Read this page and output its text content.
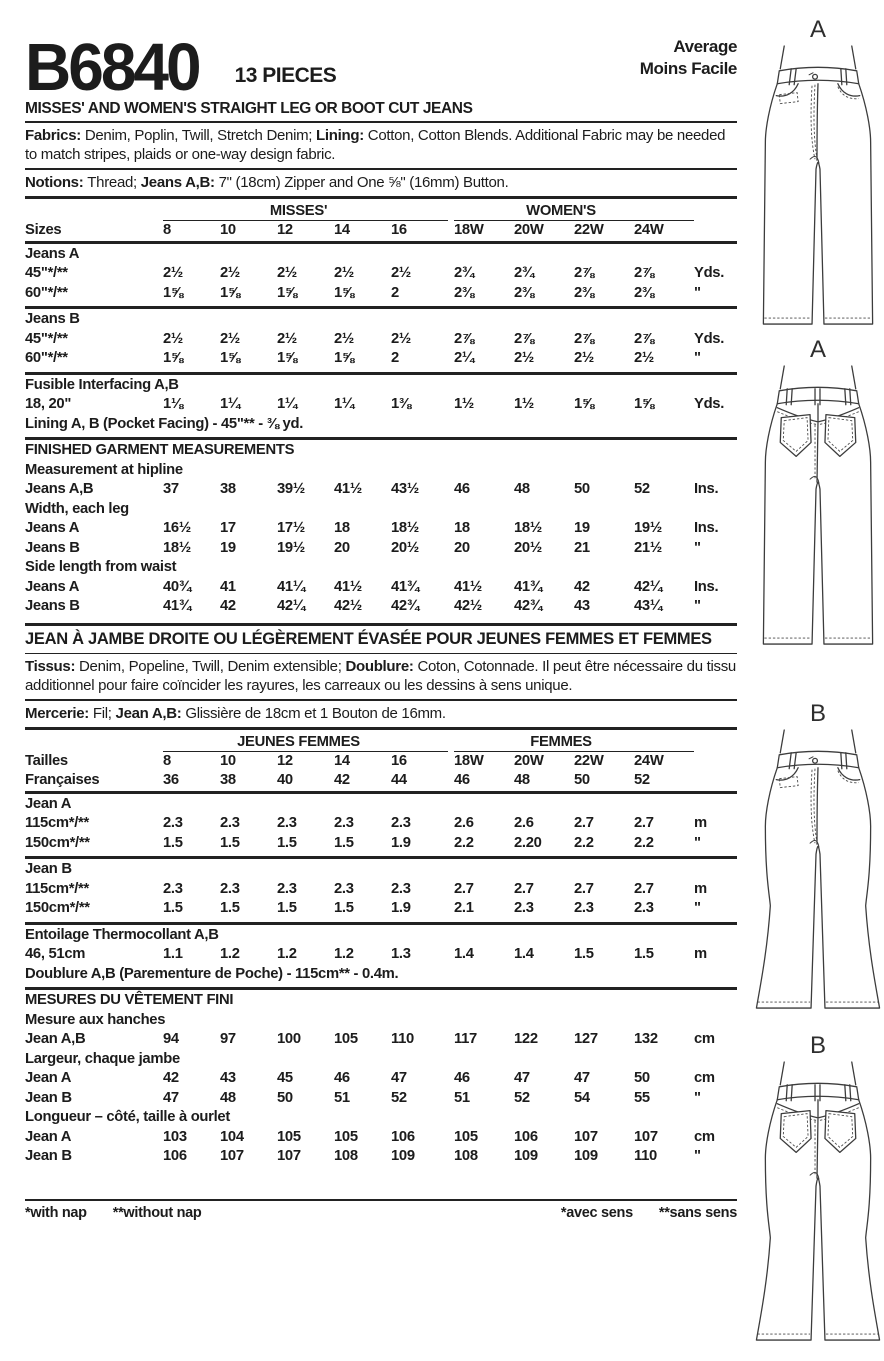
B6840 13 PIECES
Average
Moins Facile
MISSES' AND WOMEN'S STRAIGHT LEG OR BOOT CUT JEANS
Fabrics: Denim, Poplin, Twill, Stretch Denim; Lining: Cotton, Cotton Blends. Additional Fabric may be needed to match stripes, plaids or one-way design fabric.
Notions: Thread; Jeans A,B: 7" (18cm) Zipper and One ⅝" (16mm) Button.
MISSES'	WOMEN'S
Sizes	8	10	12	14	16	18W	20W	22W	24W
Jeans A
45"*/**	2½	2½	2½	2½	2½	2¾	2¾	2⅞	2⅞	Yds.
60"*/**	1⅝	1⅝	1⅝	1⅝	2	2⅜	2⅜	2⅜	2⅜	"
Jeans B
45"*/**	2½	2½	2½	2½	2½	2⅞	2⅞	2⅞	2⅞	Yds.
60"*/**	1⅝	1⅝	1⅝	1⅝	2	2¼	2½	2½	2½	"
Fusible Interfacing A,B
18, 20"	1⅛	1¼	1¼	1¼	1⅜	1½	1½	1⅝	1⅝	Yds.
Lining A, B (Pocket Facing) - 45"** - ⅜ yd.
FINISHED GARMENT MEASUREMENTS
Measurement at hipline
Jeans A,B	37	38	39½	41½	43½	46	48	50	52	Ins.
Width, each leg
Jeans A	16½	17	17½	18	18½	18	18½	19	19½	Ins.
Jeans B	18½	19	19½	20	20½	20	20½	21	21½	"
Side length from waist
Jeans A	40¾	41	41¼	41½	41¾	41½	41¾	42	42¼	Ins.
Jeans B	41¾	42	42¼	42½	42¾	42½	42¾	43	43¼	"
JEAN À JAMBE DROITE OU LÉGÈREMENT ÉVASÉE POUR JEUNES FEMMES ET FEMMES
Tissus: Denim, Popeline, Twill, Denim extensible; Doublure: Coton, Cotonnade. Il peut être nécessaire du tissu additionnel pour faire coïncider les rayures, les carreaux ou les dessins à sens unique.
Mercerie: Fil; Jean A,B: Glissière de 18cm et 1 Bouton de 16mm.
JEUNES FEMMES	FEMMES
Tailles	8	10	12	14	16	18W	20W	22W	24W
Françaises	36	38	40	42	44	46	48	50	52
Jean A
115cm*/**	2.3	2.3	2.3	2.3	2.3	2.6	2.6	2.7	2.7	m
150cm*/**	1.5	1.5	1.5	1.5	1.9	2.2	2.20	2.2	2.2	"
Jean B
115cm*/**	2.3	2.3	2.3	2.3	2.3	2.7	2.7	2.7	2.7	m
150cm*/**	1.5	1.5	1.5	1.5	1.9	2.1	2.3	2.3	2.3	"
Entoilage Thermocollant A,B
46, 51cm	1.1	1.2	1.2	1.2	1.3	1.4	1.4	1.5	1.5	m
Doublure A,B (Parementure de Poche) - 115cm** - 0.4m.
MESURES DU VÊTEMENT FINI
Mesure aux hanches
Jean A,B	94	97	100	105	110	117	122	127	132	cm
Largeur, chaque jambe
Jean A	42	43	45	46	47	46	47	47	50	cm
Jean B	47	48	50	51	52	51	52	54	55	"
Longueur – côté, taille à ourlet
Jean A	103	104	105	105	106	105	106	107	107	cm
Jean B	106	107	107	108	109	108	109	109	110	"
*with nap **without nap	*avec sens **sans sens
A
A
B
B
